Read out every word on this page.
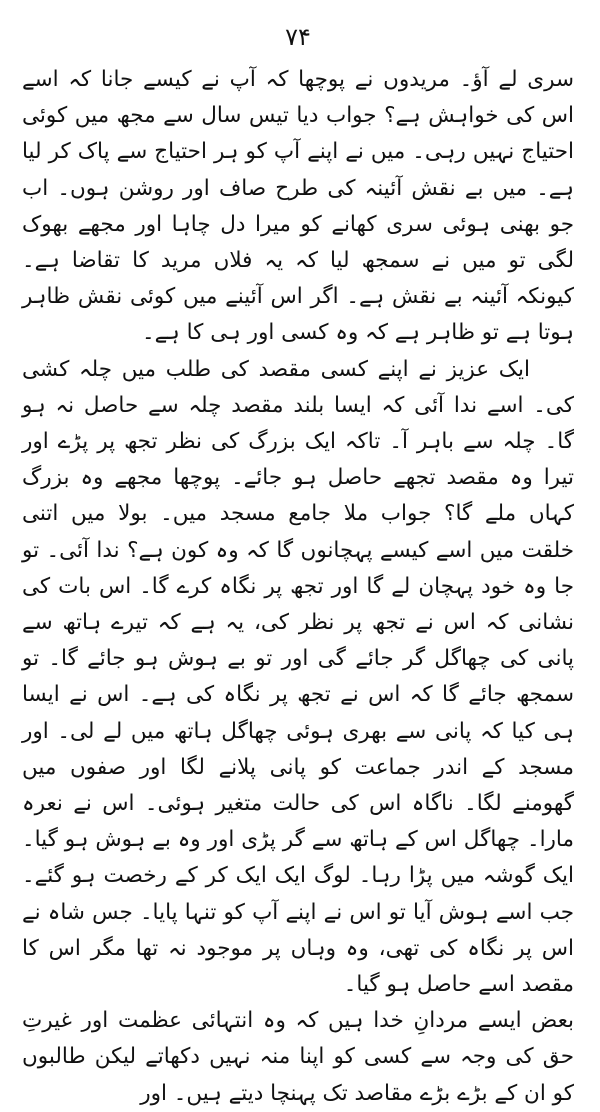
۷۴

سری لے آؤ۔ مریدوں نے پوچھا کہ آپ نے کیسے جانا کہ اسے اس کی خواہش ہے؟ جواب دیا تیس سال سے مجھ میں کوئی احتیاج نہیں رہی۔ میں نے اپنے آپ کو ہر احتیاج سے پاک کر لیا ہے۔ میں بے نقش آئینہ کی طرح صاف اور روشن ہوں۔ اب جو بھنی ہوئی سری کھانے کو میرا دل چاہا اور مجھے بھوک لگی تو میں نے سمجھ لیا کہ یہ فلاں مرید کا تقاضا ہے۔ کیونکہ آئینہ بے نقش ہے۔ اگر اس آئینے میں کوئی نقش ظاہر ہوتا ہے تو ظاہر ہے کہ وہ کسی اور ہی کا ہے۔

ایک عزیز نے اپنے کسی مقصد کی طلب میں چلہ کشی کی۔ اسے ندا آئی کہ ایسا بلند مقصد چلہ سے حاصل نہ ہو گا۔ چلہ سے باہر آ۔ تاکہ ایک بزرگ کی نظر تجھ پر پڑے اور تیرا وہ مقصد تجھے حاصل ہو جائے۔ پوچھا مجھے وہ بزرگ کہاں ملے گا؟ جواب ملا جامع مسجد میں۔ بولا میں اتنی خلقت میں اسے کیسے پہچانوں گا کہ وہ کون ہے؟ ندا آئی۔ تو جا وہ خود پہچان لے گا اور تجھ پر نگاہ کرے گا۔ اس بات کی نشانی کہ اس نے تجھ پر نظر کی، یہ ہے کہ تیرے ہاتھ سے پانی کی چھاگل گر جائے گی اور تو بے ہوش ہو جائے گا۔ تو سمجھ جائے گا کہ اس نے تجھ پر نگاہ کی ہے۔ اس نے ایسا ہی کیا کہ پانی سے بھری ہوئی چھاگل ہاتھ میں لے لی۔ اور مسجد کے اندر جماعت کو پانی پلانے لگا اور صفوں میں گھومنے لگا۔ ناگاہ اس کی حالت متغیر ہوئی۔ اس نے نعرہ مارا۔ چھاگل اس کے ہاتھ سے گر پڑی اور وہ بے ہوش ہو گیا۔ ایک گوشہ میں پڑا رہا۔ لوگ ایک ایک کر کے رخصت ہو گئے۔ جب اسے ہوش آیا تو اس نے اپنے آپ کو تنہا پایا۔ جس شاہ نے اس پر نگاہ کی تھی، وہ وہاں پر موجود نہ تھا مگر اس کا مقصد اسے حاصل ہو گیا۔

بعض ایسے مردانِ خدا ہیں کہ وہ انتہائی عظمت اور غیرتِ حق کی وجہ سے کسی کو اپنا منہ نہیں دکھاتے لیکن طالبوں کو ان کے بڑے بڑے مقاصد تک پہنچا دیتے ہیں۔ اور
